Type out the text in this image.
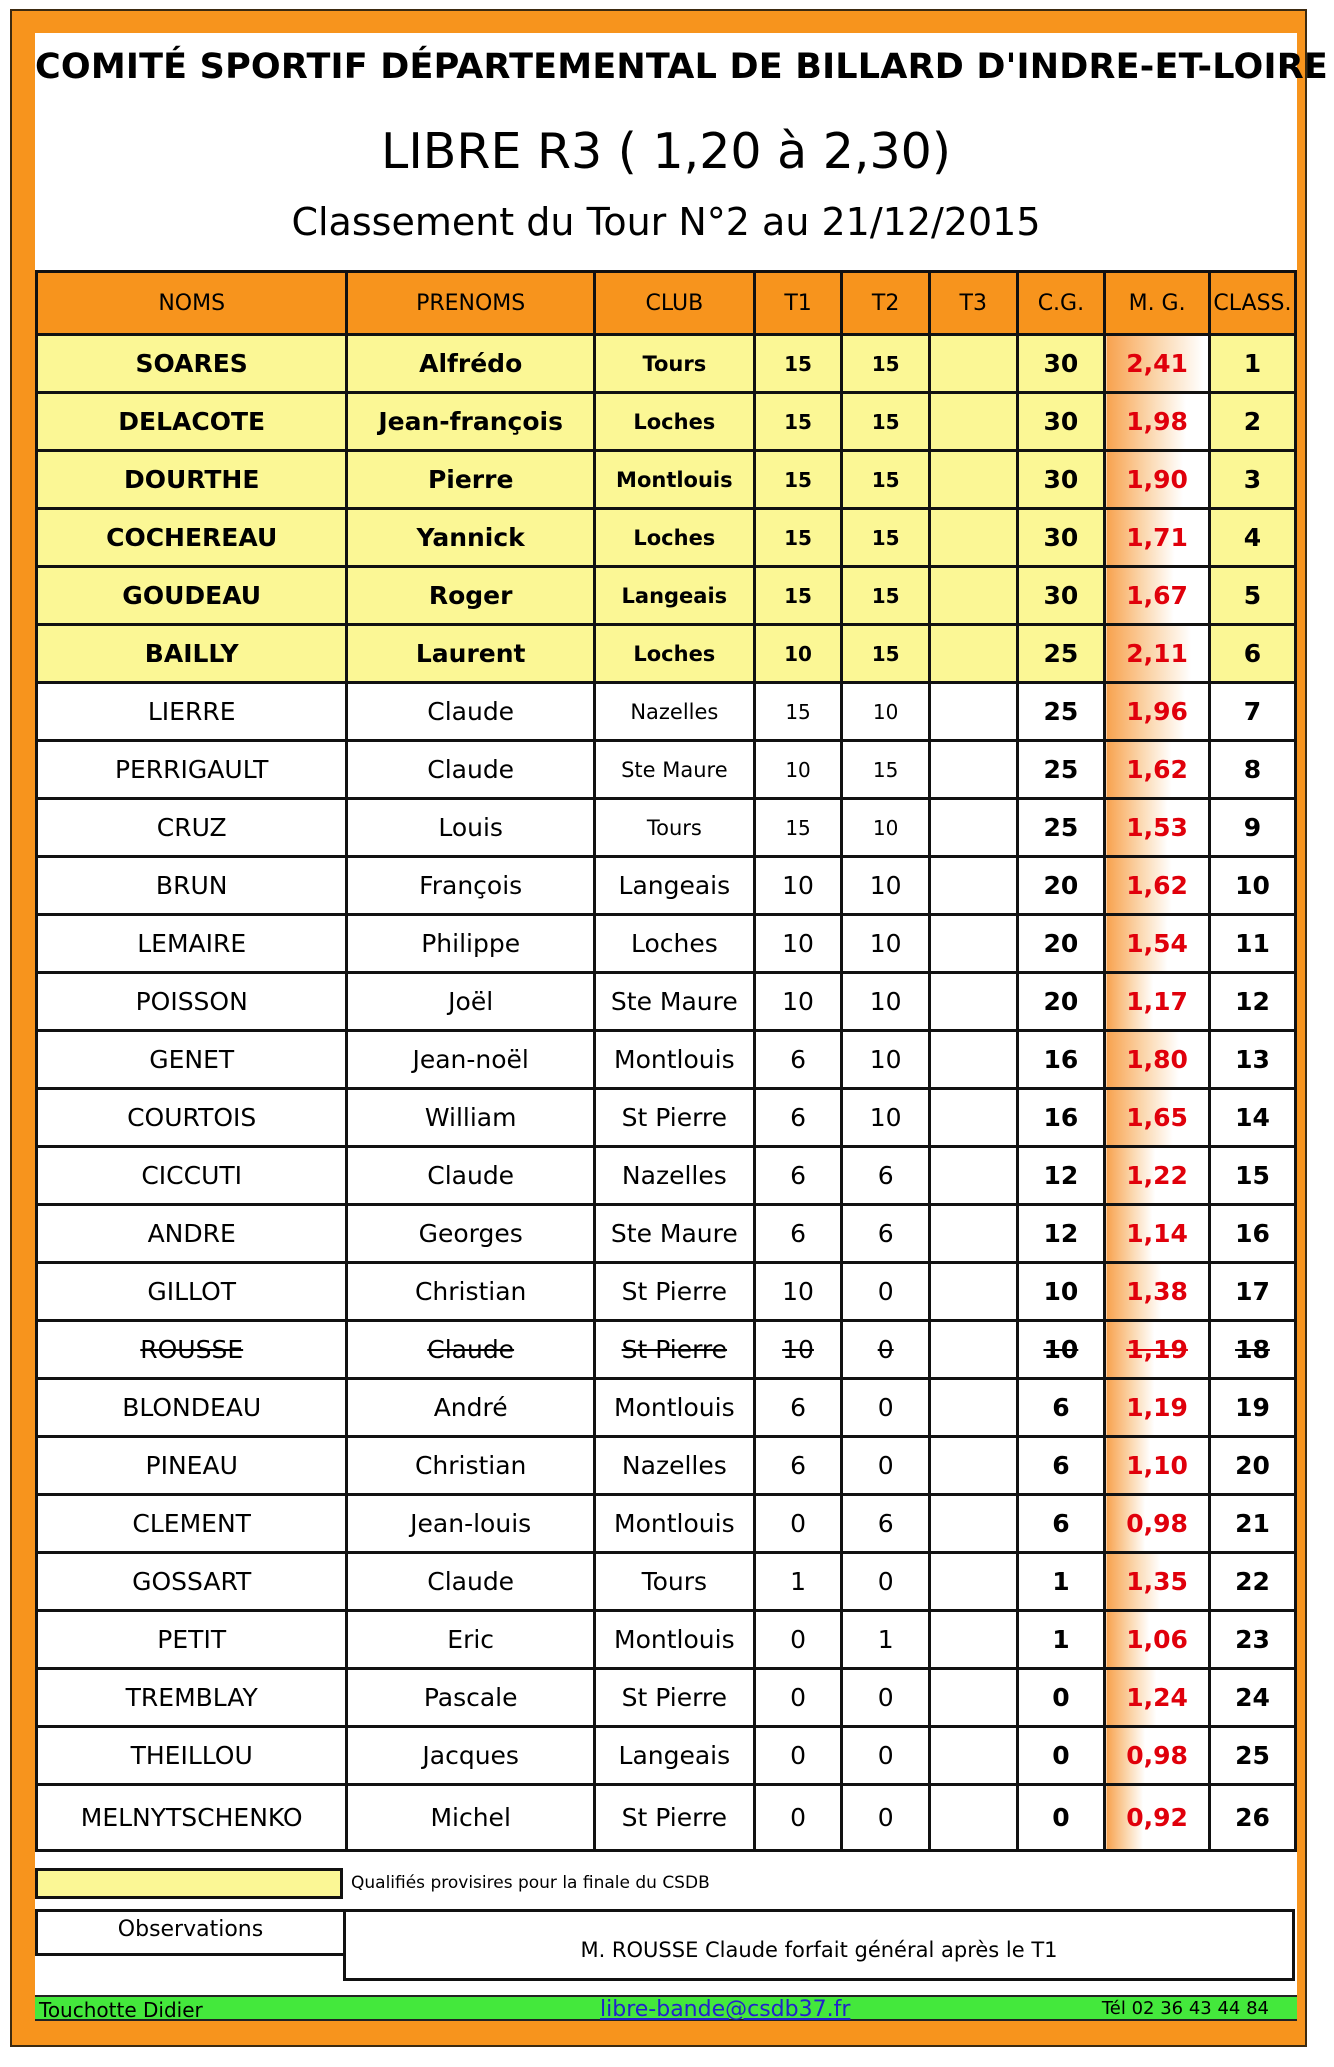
COMITÉ SPORTIF DÉPARTEMENTAL DE BILLARD D'INDRE-ET-LOIRE
LIBRE R3 ( 1,20 à 2,30)
Classement du Tour N°2 au 21/12/2015
NOMS	PRENOMS	CLUB	T1	T2	T3	C.G.	M. G.	CLASS.
SOARES	Alfrédo	Tours	15	15		30	2,41	1
DELACOTE	Jean-françois	Loches	15	15		30	1,98	2
DOURTHE	Pierre	Montlouis	15	15		30	1,90	3
COCHEREAU	Yannick	Loches	15	15		30	1,71	4
GOUDEAU	Roger	Langeais	15	15		30	1,67	5
BAILLY	Laurent	Loches	10	15		25	2,11	6
LIERRE	Claude	Nazelles	15	10		25	1,96	7
PERRIGAULT	Claude	Ste Maure	10	15		25	1,62	8
CRUZ	Louis	Tours	15	10		25	1,53	9
BRUN	François	Langeais	10	10		20	1,62	10
LEMAIRE	Philippe	Loches	10	10		20	1,54	11
POISSON	Joël	Ste Maure	10	10		20	1,17	12
GENET	Jean-noël	Montlouis	6	10		16	1,80	13
COURTOIS	William	St Pierre	6	10		16	1,65	14
CICCUTI	Claude	Nazelles	6	6		12	1,22	15
ANDRE	Georges	Ste Maure	6	6		12	1,14	16
GILLOT	Christian	St Pierre	10	0		10	1,38	17
ROUSSE	Claude	St Pierre	10	0		10	1,19	18
BLONDEAU	André	Montlouis	6	0		6	1,19	19
PINEAU	Christian	Nazelles	6	0		6	1,10	20
CLEMENT	Jean-louis	Montlouis	0	6		6	0,98	21
GOSSART	Claude	Tours	1	0		1	1,35	22
PETIT	Eric	Montlouis	0	1		1	1,06	23
TREMBLAY	Pascale	St Pierre	0	0		0	1,24	24
THEILLOU	Jacques	Langeais	0	0		0	0,98	25
MELNYTSCHENKO	Michel	St Pierre	0	0		0	0,92	26
Qualifiés provisires pour la finale du CSDB
Observations
M. ROUSSE Claude forfait général après le T1
Touchotte Didier	libre-bande@csdb37.fr	Tél 02 36 43 44 84
